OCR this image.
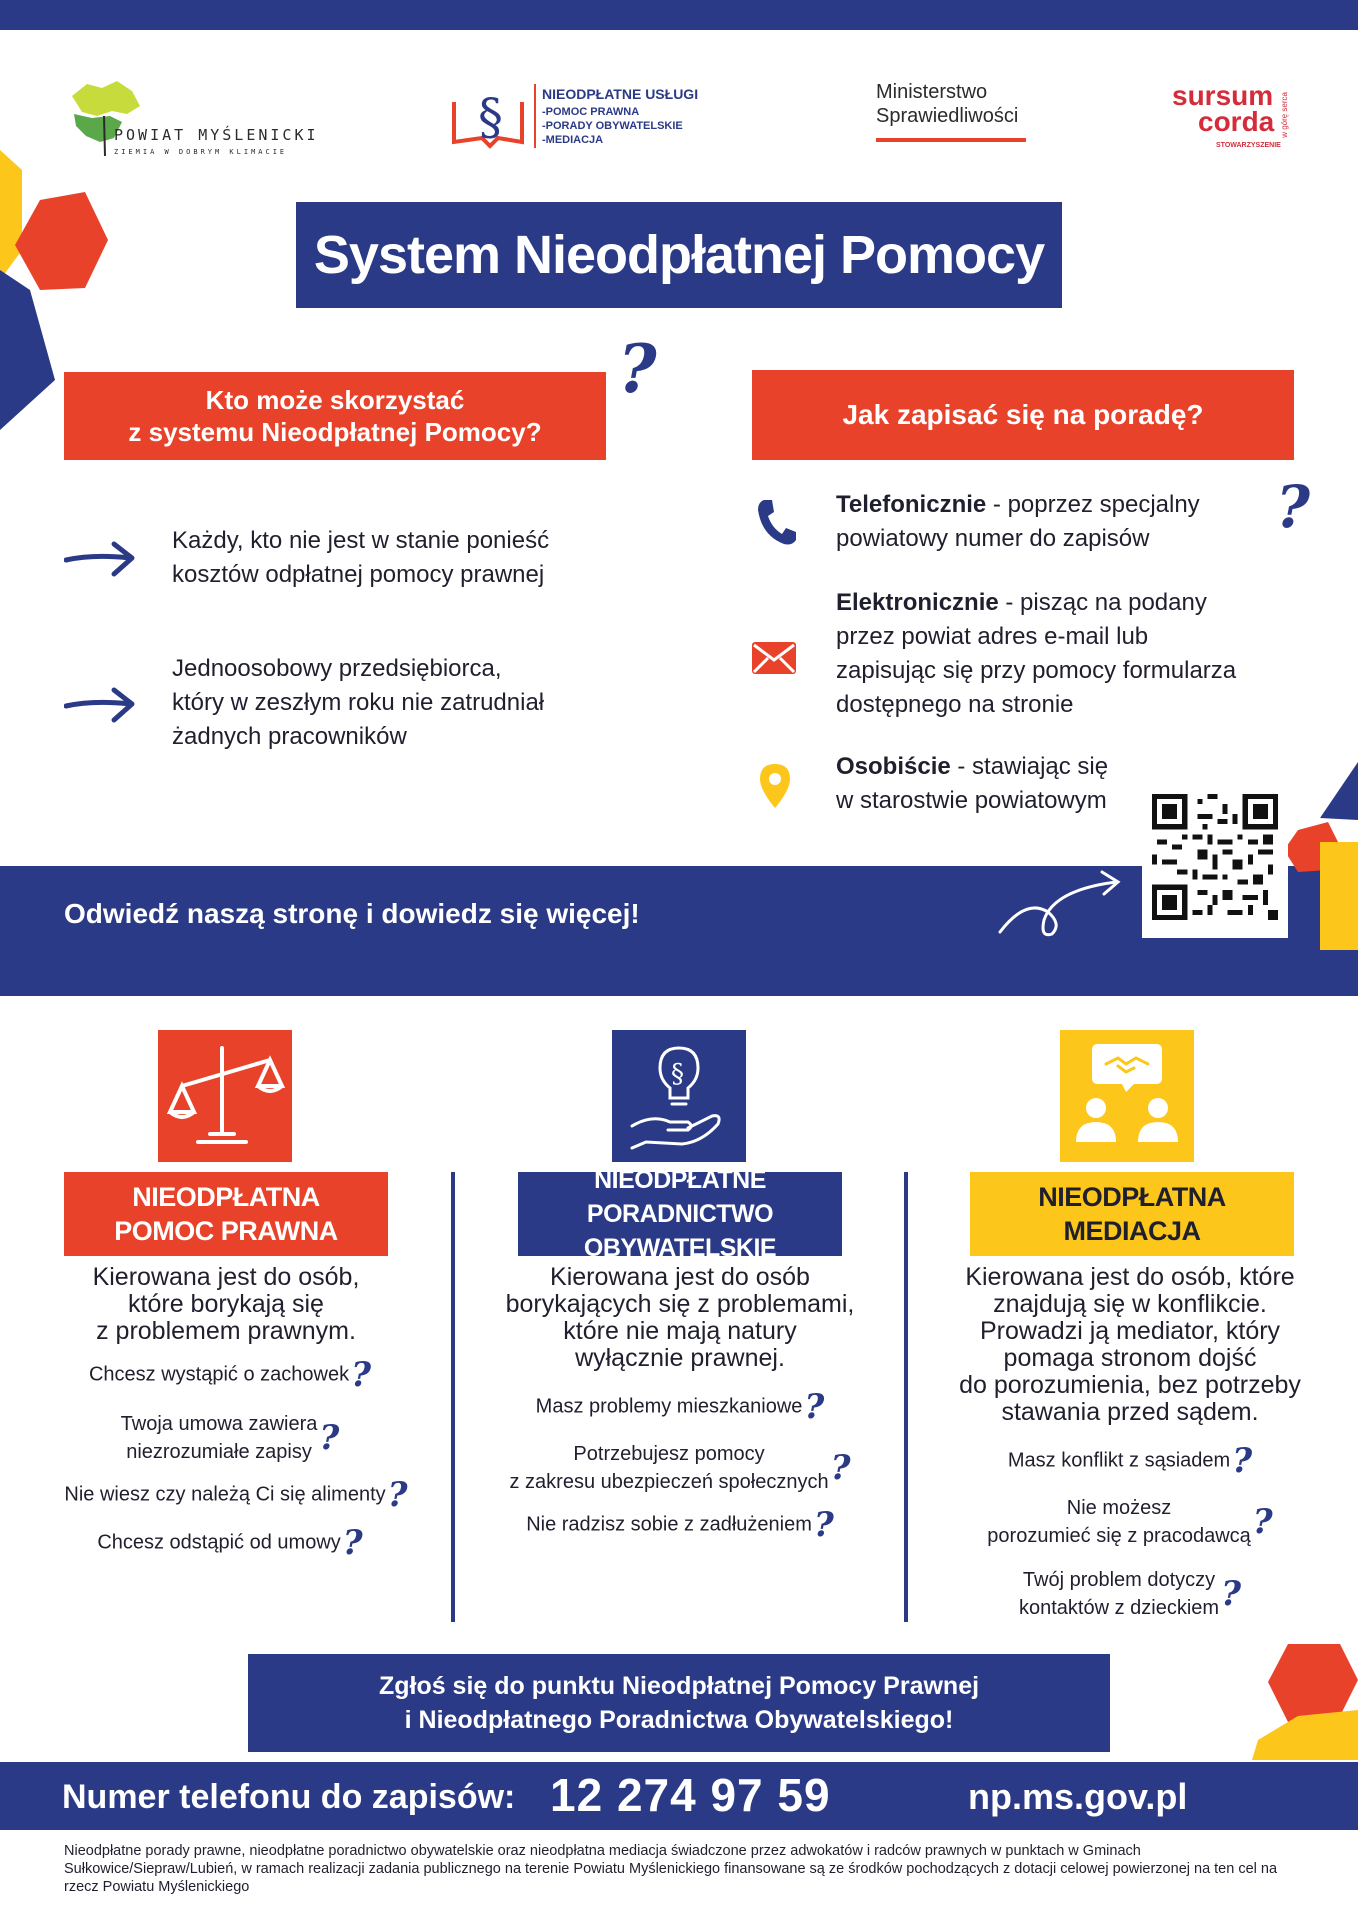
POWIAT MYŚLENICKI
ZIEMIA W DOBRYM KLIMACIE
§	NIEODPŁATNE USŁUGI
-POMOC PRAWNA
-PORADY OBYWATELSKIE
-MEDIACJA
Ministerstwo
Sprawiedliwości
sursum
corda
STOWARZYSZENIE
w górę serca
System Nieodpłatnej Pomocy
Kto może skorzystać
z systemu Nieodpłatnej Pomocy?
?
Jak zapisać się na poradę?
Każdy, kto nie jest w stanie ponieść
kosztów odpłatnej pomocy prawnej
Jednoosobowy przedsiębiorca,
który w zeszłym roku nie zatrudniał
żadnych pracowników
Telefonicznie - poprzez specjalny
powiatowy numer do zapisów	?
Elektronicznie - pisząc na podany
przez powiat adres e-mail lub
zapisując się przy pomocy formularza
dostępnego na stronie
Osobiście - stawiając się
w starostwie powiatowym
Odwiedź naszą stronę i dowiedz się więcej!
NIEODPŁATNA
POMOC PRAWNA
Kierowana jest do osób,
które borykają się
z problemem prawnym.
Chcesz wystąpić o zachowek?
Twoja umowa zawiera
niezrozumiałe zapisy ?
Nie wiesz czy należą Ci się alimenty?
Chcesz odstąpić od umowy?
§
NIEODPŁATNE
PORADNICTWO OBYWATELSKIE
Kierowana jest do osób
borykających się z problemami,
które nie mają natury
wyłącznie prawnej.
Masz problemy mieszkaniowe?
Potrzebujesz pomocy
z zakresu ubezpieczeń społecznych?
Nie radzisz sobie z zadłużeniem?
NIEODPŁATNA
MEDIACJA
Kierowana jest do osób, które
znajdują się w konflikcie.
Prowadzi ją mediator, który
pomaga stronom dojść
do porozumienia, bez potrzeby
stawania przed sądem.
Masz konflikt z sąsiadem?
Nie możesz
porozumieć się z pracodawcą?
Twój problem dotyczy
kontaktów z dzieckiem?
Zgłoś się do punktu Nieodpłatnej Pomocy Prawnej
i Nieodpłatnego Poradnictwa Obywatelskiego!
Numer telefonu do zapisów: 12 274 97 59	np.ms.gov.pl
Nieodpłatne porady prawne, nieodpłatne poradnictwo obywatelskie oraz nieodpłatna mediacja świadczone przez adwokatów i radców prawnych w punktach w Gminach Sułkowice/Siepraw/Lubień, w ramach realizacji zadania publicznego na terenie Powiatu Myślenickiego finansowane są ze środków pochodzących z dotacji celowej powierzonej na ten cel na rzecz Powiatu Myślenickiego
